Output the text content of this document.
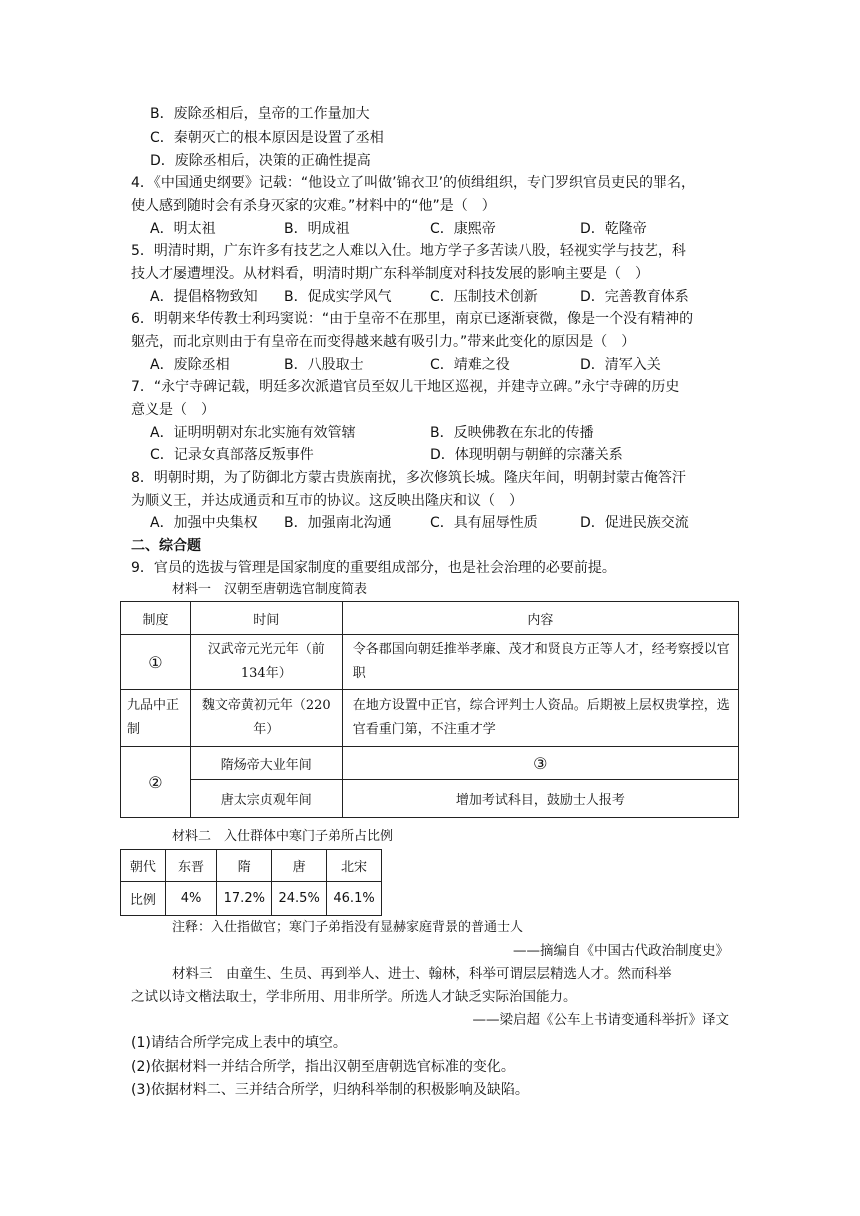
B．废除丞相后，皇帝的工作量加大
C．秦朝灭亡的根本原因是设置了丞相
D．废除丞相后，决策的正确性提高
4．《中国通史纲要》记载：“他设立了叫做’锦衣卫’的侦缉组织，专门罗织官员吏民的罪名，
使人感到随时会有杀身灭家的灾难。”材料中的“他”是（　）
A．明太祖	B．明成祖	C．康熙帝	D．乾隆帝
5．明清时期，广东许多有技艺之人难以入仕。地方学子多苦读八股，轻视实学与技艺，科
技人才屡遭埋没。从材料看，明清时期广东科举制度对科技发展的影响主要是（　）
A．提倡格物致知 B．促成实学风气	C．压制技术创新	D．完善教育体系
6．明朝来华传教士利玛窦说：“由于皇帝不在那里，南京已逐渐衰微，像是一个没有精神的
躯壳，而北京则由于有皇帝在而变得越来越有吸引力。”带来此变化的原因是（　）
A．废除丞相	B．八股取士	C．靖难之役	D．清军入关
7．“永宁寺碑记载，明廷多次派遣官员至奴儿干地区巡视，并建寺立碑。”永宁寺碑的历史
意义是（　）
A．证明明朝对东北实施有效管辖	B．反映佛教在东北的传播
C．记录女真部落反叛事件	D．体现明朝与朝鲜的宗藩关系
8．明朝时期，为了防御北方蒙古贵族南扰，多次修筑长城。隆庆年间，明朝封蒙古俺答汗
为顺义王，并达成通贡和互市的协议。这反映出隆庆和议（　）
A．加强中央集权 B．加强南北沟通	C．具有屈辱性质	D．促进民族交流
二、综合题
9．官员的选拔与管理是国家制度的重要组成部分，也是社会治理的必要前提。
材料一　汉朝至唐朝选官制度简表
制度	时间	内容
①	汉武帝元光元年（前134年）	令各郡国向朝廷推举孝廉、茂才和贤良方正等人才，经考察授以官职
九品中正制	魏文帝黄初元年（220年）	在地方设置中正官，综合评判士人资品。后期被上层权贵掌控，选官看重门第，不注重才学
②	隋炀帝大业年间	③
	唐太宗贞观年间	增加考试科目，鼓励士人报考
材料二　入仕群体中寒门子弟所占比例
朝代	东晋	隋	唐	北宋
比例	4%	17.2%	24.5%	46.1%
注释：入仕指做官；寒门子弟指没有显赫家庭背景的普通士人
——摘编自《中国古代政治制度史》
材料三　由童生、生员、再到举人、进士、翰林，科举可谓层层精选人才。然而科举
之试以诗文楷法取士，学非所用、用非所学。所选人才缺乏实际治国能力。
——梁启超《公车上书请变通科举折》译文
(1)请结合所学完成上表中的填空。
(2)依据材料一并结合所学，指出汉朝至唐朝选官标准的变化。
(3)依据材料二、三并结合所学，归纳科举制的积极影响及缺陷。
